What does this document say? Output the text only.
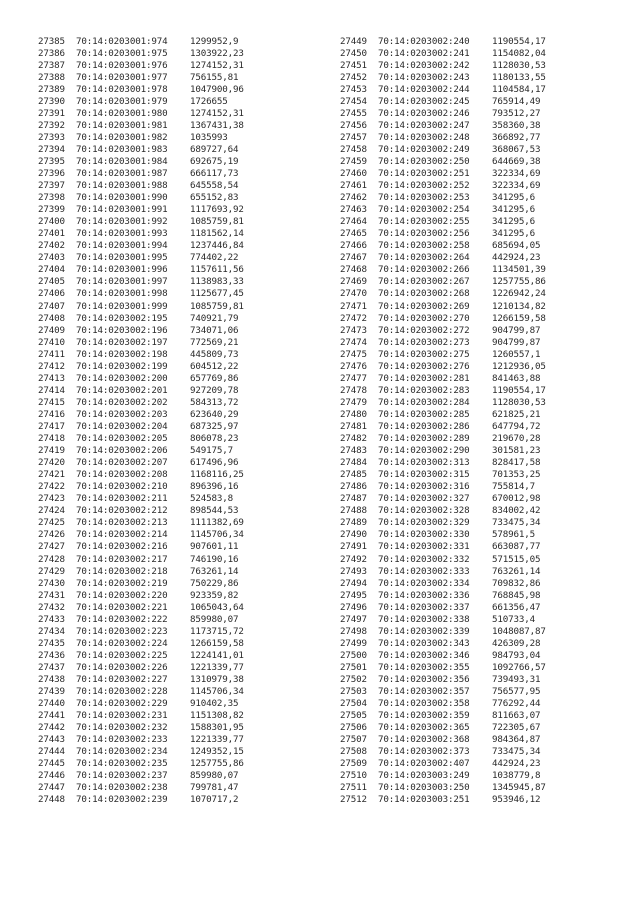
27385 70:14:0203001:974 1299952,9
27386 70:14:0203001:975 1303922,23
27387 70:14:0203001:976 1274152,31
27388 70:14:0203001:977 756155,81
27389 70:14:0203001:978 1047900,96
27390 70:14:0203001:979 1726655
27391 70:14:0203001:980 1274152,31
27392 70:14:0203001:981 1367431,38
27393 70:14:0203001:982 1035993
27394 70:14:0203001:983 689727,64
27395 70:14:0203001:984 692675,19
27396 70:14:0203001:987 666117,73
27397 70:14:0203001:988 645558,54
27398 70:14:0203001:990 655152,83
27399 70:14:0203001:991 1117693,92
27400 70:14:0203001:992 1085759,81
27401 70:14:0203001:993 1181562,14
27402 70:14:0203001:994 1237446,84
27403 70:14:0203001:995 774402,22
27404 70:14:0203001:996 1157611,56
27405 70:14:0203001:997 1138983,33
27406 70:14:0203001:998 1125677,45
27407 70:14:0203001:999 1085759,81
27408 70:14:0203002:195 740921,79
27409 70:14:0203002:196 734071,06
27410 70:14:0203002:197 772569,21
27411 70:14:0203002:198 445809,73
27412 70:14:0203002:199 604512,22
27413 70:14:0203002:200 657769,86
27414 70:14:0203002:201 927209,78
27415 70:14:0203002:202 584313,72
27416 70:14:0203002:203 623640,29
27417 70:14:0203002:204 687325,97
27418 70:14:0203002:205 806078,23
27419 70:14:0203002:206 549175,7
27420 70:14:0203002:207 617496,96
27421 70:14:0203002:208 1168116,25
27422 70:14:0203002:210 896396,16
27423 70:14:0203002:211 524583,8
27424 70:14:0203002:212 898544,53
27425 70:14:0203002:213 1111382,69
27426 70:14:0203002:214 1145706,34
27427 70:14:0203002:216 907601,11
27428 70:14:0203002:217 746190,16
27429 70:14:0203002:218 763261,14
27430 70:14:0203002:219 750229,86
27431 70:14:0203002:220 923359,82
27432 70:14:0203002:221 1065043,64
27433 70:14:0203002:222 859980,07
27434 70:14:0203002:223 1173715,72
27435 70:14:0203002:224 1266159,58
27436 70:14:0203002:225 1224141,01
27437 70:14:0203002:226 1221339,77
27438 70:14:0203002:227 1310979,38
27439 70:14:0203002:228 1145706,34
27440 70:14:0203002:229 910402,35
27441 70:14:0203002:231 1151308,82
27442 70:14:0203002:232 1588301,95
27443 70:14:0203002:233 1221339,77
27444 70:14:0203002:234 1249352,15
27445 70:14:0203002:235 1257755,86
27446 70:14:0203002:237 859980,07
27447 70:14:0203002:238 799781,47
27448 70:14:0203002:239 1070717,2
27449 70:14:0203002:240 1190554,17
27450 70:14:0203002:241 1154082,04
27451 70:14:0203002:242 1128030,53
27452 70:14:0203002:243 1180133,55
27453 70:14:0203002:244 1104584,17
27454 70:14:0203002:245 765914,49
27455 70:14:0203002:246 793512,27
27456 70:14:0203002:247 358360,38
27457 70:14:0203002:248 366892,77
27458 70:14:0203002:249 368067,53
27459 70:14:0203002:250 644669,38
27460 70:14:0203002:251 322334,69
27461 70:14:0203002:252 322334,69
27462 70:14:0203002:253 341295,6
27463 70:14:0203002:254 341295,6
27464 70:14:0203002:255 341295,6
27465 70:14:0203002:256 341295,6
27466 70:14:0203002:258 685694,05
27467 70:14:0203002:264 442924,23
27468 70:14:0203002:266 1134501,39
27469 70:14:0203002:267 1257755,86
27470 70:14:0203002:268 1226942,24
27471 70:14:0203002:269 1210134,82
27472 70:14:0203002:270 1266159,58
27473 70:14:0203002:272 904799,87
27474 70:14:0203002:273 904799,87
27475 70:14:0203002:275 1260557,1
27476 70:14:0203002:276 1212936,05
27477 70:14:0203002:281 841463,88
27478 70:14:0203002:283 1190554,17
27479 70:14:0203002:284 1128030,53
27480 70:14:0203002:285 621825,21
27481 70:14:0203002:286 647794,72
27482 70:14:0203002:289 219670,28
27483 70:14:0203002:290 301581,23
27484 70:14:0203002:313 828417,58
27485 70:14:0203002:315 701353,25
27486 70:14:0203002:316 755814,7
27487 70:14:0203002:327 670012,98
27488 70:14:0203002:328 834002,42
27489 70:14:0203002:329 733475,34
27490 70:14:0203002:330 578961,5
27491 70:14:0203002:331 663087,77
27492 70:14:0203002:332 571515,05
27493 70:14:0203002:333 763261,14
27494 70:14:0203002:334 709832,86
27495 70:14:0203002:336 768845,98
27496 70:14:0203002:337 661356,47
27497 70:14:0203002:338 510733,4
27498 70:14:0203002:339 1048087,87
27499 70:14:0203002:343 426309,28
27500 70:14:0203002:346 984793,04
27501 70:14:0203002:355 1092766,57
27502 70:14:0203002:356 739493,31
27503 70:14:0203002:357 756577,95
27504 70:14:0203002:358 776292,44
27505 70:14:0203002:359 811663,07
27506 70:14:0203002:365 722305,67
27507 70:14:0203002:368 984364,87
27508 70:14:0203002:373 733475,34
27509 70:14:0203002:407 442924,23
27510 70:14:0203003:249 1038779,8
27511 70:14:0203003:250 1345945,87
27512 70:14:0203003:251 953946,12
